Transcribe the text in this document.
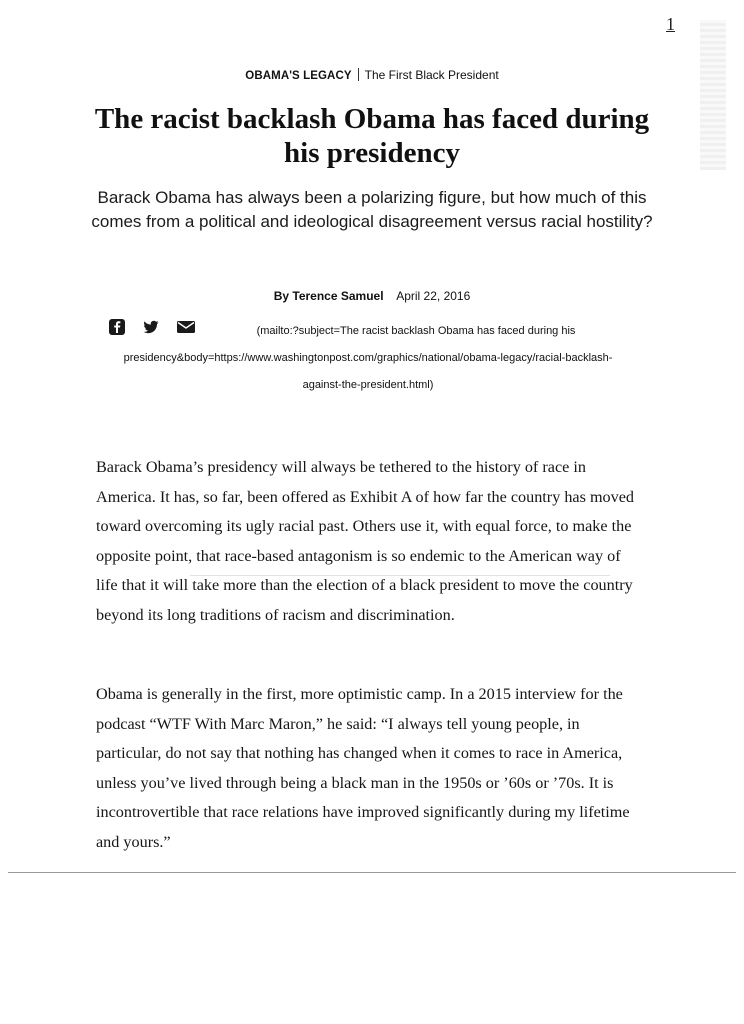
1
OBAMA'S LEGACY The First Black President
The racist backlash Obama has faced during his presidency

Barack Obama has always been a polarizing figure, but how much of this comes from a political and ideological disagreement versus racial hostility?

By Terence Samuel April 22, 2016
(mailto:?subject=The racist backlash Obama has faced during his presidency&body=https://www.washingtonpost.com/graphics/national/obama-legacy/racial-backlash-against-the-president.html)

Barack Obama’s presidency will always be tethered to the history of race in America. It has, so far, been offered as Exhibit A of how far the country has moved toward overcoming its ugly racial past. Others use it, with equal force, to make the opposite point, that race-based antagonism is so endemic to the American way of life that it will take more than the election of a black president to move the country beyond its long traditions of racism and discrimination.

Obama is generally in the first, more optimistic camp. In a 2015 interview for the podcast “WTF With Marc Maron,” he said: “I always tell young people, in particular, do not say that nothing has changed when it comes to race in America, unless you’ve lived through being a black man in the 1950s or ’60s or ’70s. It is incontrovertible that race relations have improved significantly during my lifetime and yours.”
